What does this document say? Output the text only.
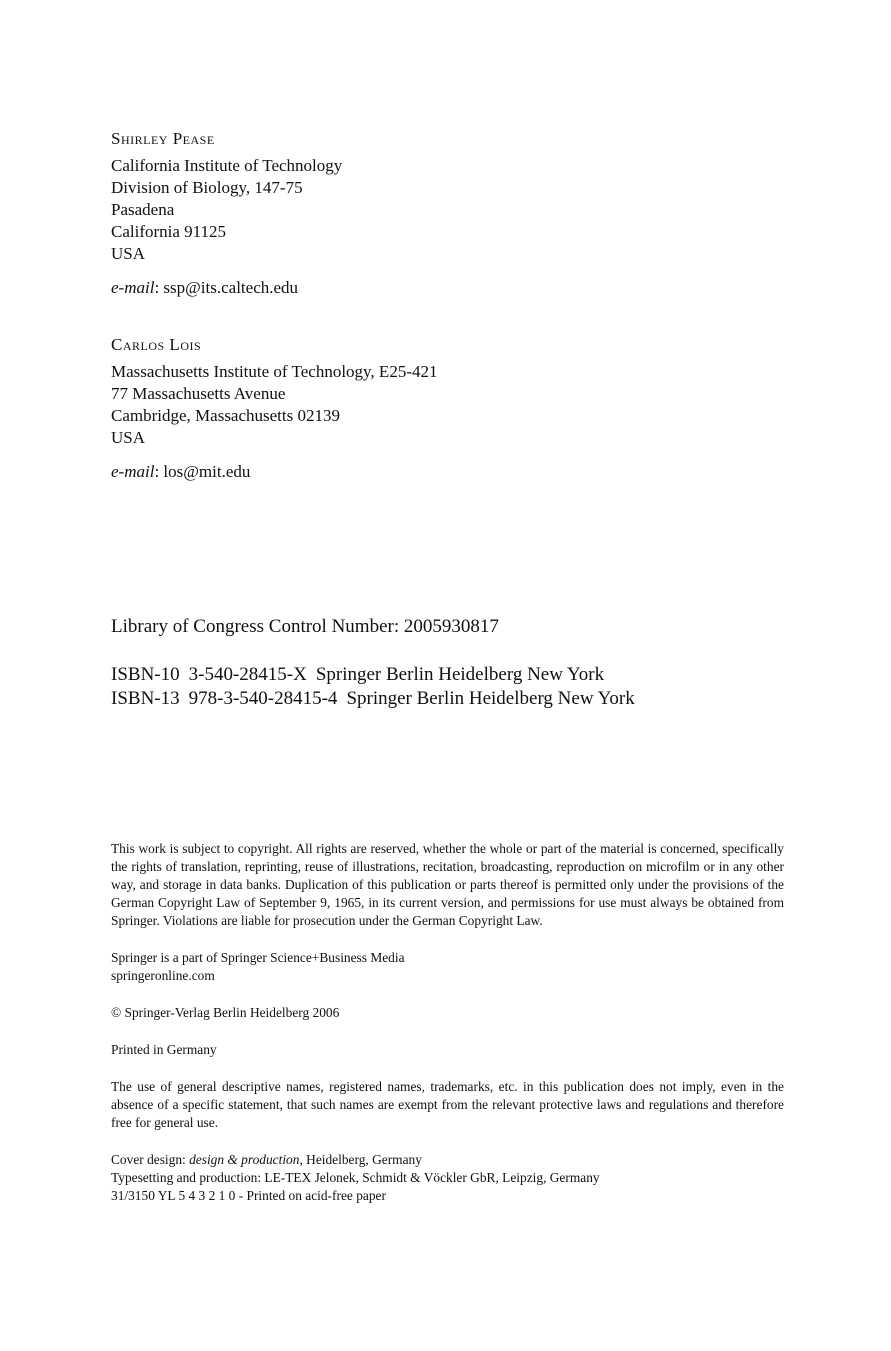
Shirley Pease
California Institute of Technology
Division of Biology, 147-75
Pasadena
California 91125
USA
e-mail: ssp@its.caltech.edu
Carlos Lois
Massachusetts Institute of Technology, E25-421
77 Massachusetts Avenue
Cambridge, Massachusetts 02139
USA
e-mail: los@mit.edu
Library of Congress Control Number: 2005930817
ISBN-10 3-540-28415-X Springer Berlin Heidelberg New York
ISBN-13 978-3-540-28415-4 Springer Berlin Heidelberg New York

This work is subject to copyright. All rights are reserved, whether the whole or part of the material is concerned, specifically the rights of translation, reprinting, reuse of illustrations, recitation, broadcasting, reproduction on microfilm or in any other way, and storage in data banks. Duplication of this publication or parts thereof is permitted only under the provisions of the German Copyright Law of September 9, 1965, in its current version, and permissions for use must always be obtained from Springer. Violations are liable for prosecution under the German Copyright Law.

Springer is a part of Springer Science+Business Media
springeronline.com

© Springer-Verlag Berlin Heidelberg 2006

Printed in Germany

The use of general descriptive names, registered names, trademarks, etc. in this publication does not imply, even in the absence of a specific statement, that such names are exempt from the relevant protective laws and regulations and therefore free for general use.

Cover design: design & production, Heidelberg, Germany
Typesetting and production: LE-TEX Jelonek, Schmidt & Vöckler GbR, Leipzig, Germany
31/3150 YL 5 4 3 2 1 0 - Printed on acid-free paper
